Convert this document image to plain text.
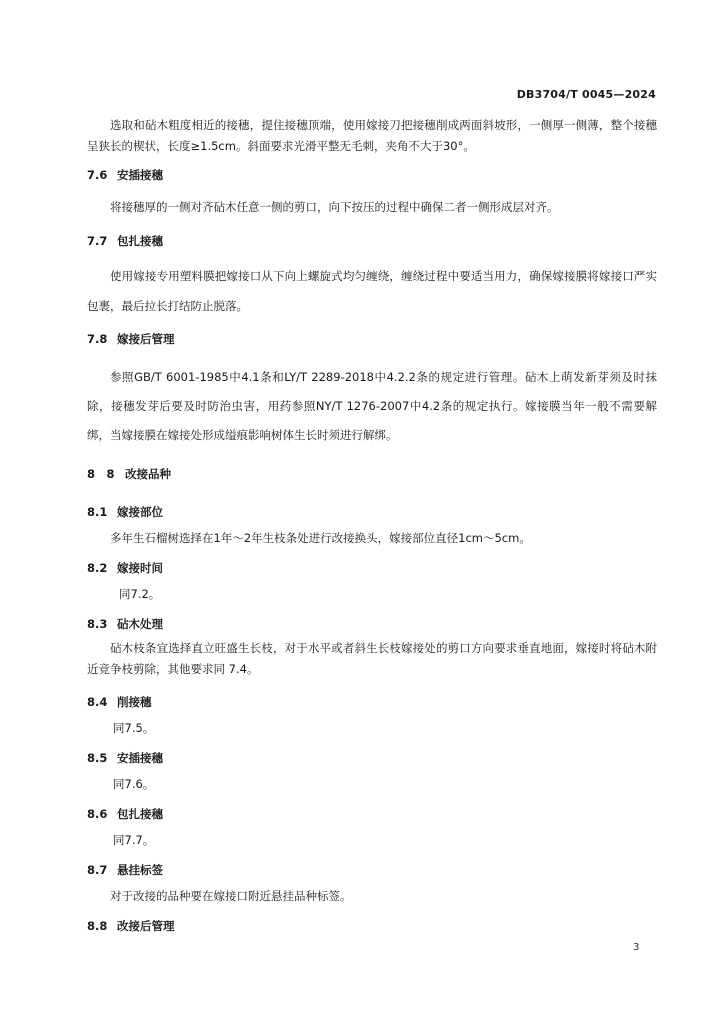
DB3704/T 0045—2024

选取和砧木粗度相近的接穗，提住接穗顶端，使用嫁接刀把接穗削成两面斜坡形，一侧厚一侧薄，整个接穗呈狭长的楔状，长度≥1.5cm。斜面要求光滑平整无毛刺，夹角不大于30°。

7.6 安插接穗

将接穗厚的一侧对齐砧木任意一侧的剪口，向下按压的过程中确保二者一侧形成层对齐。

7.7 包扎接穗

使用嫁接专用塑料膜把嫁接口从下向上螺旋式均匀缠绕，缠绕过程中要适当用力，确保嫁接膜将嫁接口严实包裹，最后拉长打结防止脱落。

7.8 嫁接后管理

参照GB/T 6001-1985中4.1条和LY/T 2289-2018中4.2.2条的规定进行管理。砧木上萌发新芽须及时抹除，接穗发芽后要及时防治虫害，用药参照NY/T 1276-2007中4.2条的规定执行。嫁接膜当年一般不需要解绑，当嫁接膜在嫁接处形成缢痕影响树体生长时须进行解绑。

8　8 改接品种
8.1 嫁接部位

多年生石榴树选择在1年～2年生枝条处进行改接换头，嫁接部位直径1cm～5cm。

8.2 嫁接时间

同7.2。

8.3 砧木处理

砧木枝条宜选择直立旺盛生长枝，对于水平或者斜生长枝嫁接处的剪口方向要求垂直地面，嫁接时将砧木附近竞争枝剪除，其他要求同 7.4。

8.4 削接穗

同7.5。

8.5 安插接穗

同7.6。

8.6 包扎接穗

同7.7。

8.7 悬挂标签

对于改接的品种要在嫁接口附近悬挂品种标签。

8.8 改接后管理
3
